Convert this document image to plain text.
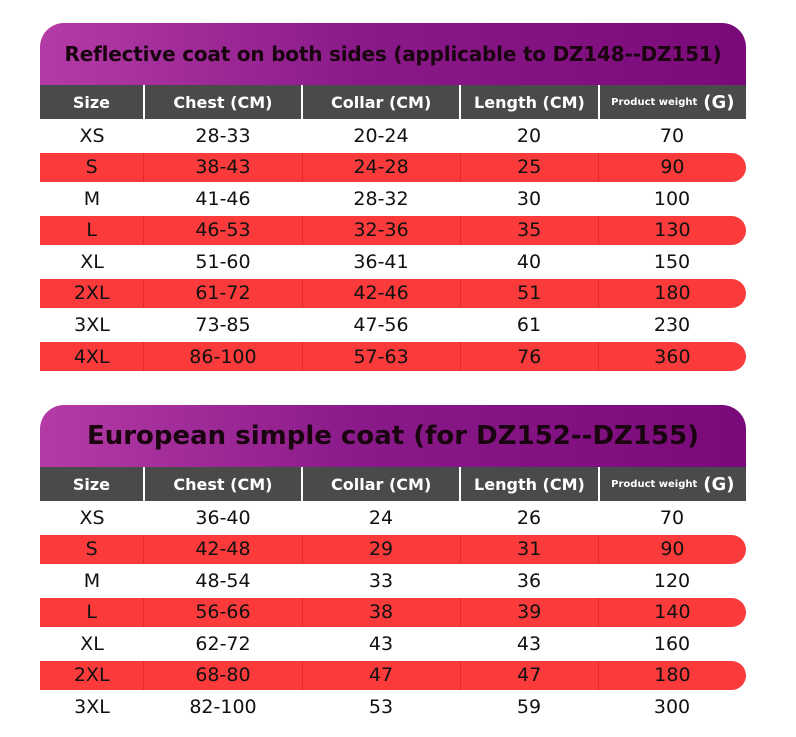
Reflective coat on both sides (applicable to DZ148--DZ151)
Size	Chest (CM)	Collar (CM)	Length (CM)	Product weight (G)
XS	28-33	20-24	20	70
S	38-43	24-28	25	90
M	41-46	28-32	30	100
L	46-53	32-36	35	130
XL	51-60	36-41	40	150
2XL	61-72	42-46	51	180
3XL	73-85	47-56	61	230
4XL	86-100	57-63	76	360
European simple coat (for DZ152--DZ155)
Size	Chest (CM)	Collar (CM)	Length (CM)	Product weight (G)
XS	36-40	24	26	70
S	42-48	29	31	90
M	48-54	33	36	120
L	56-66	38	39	140
XL	62-72	43	43	160
2XL	68-80	47	47	180
3XL	82-100	53	59	300
